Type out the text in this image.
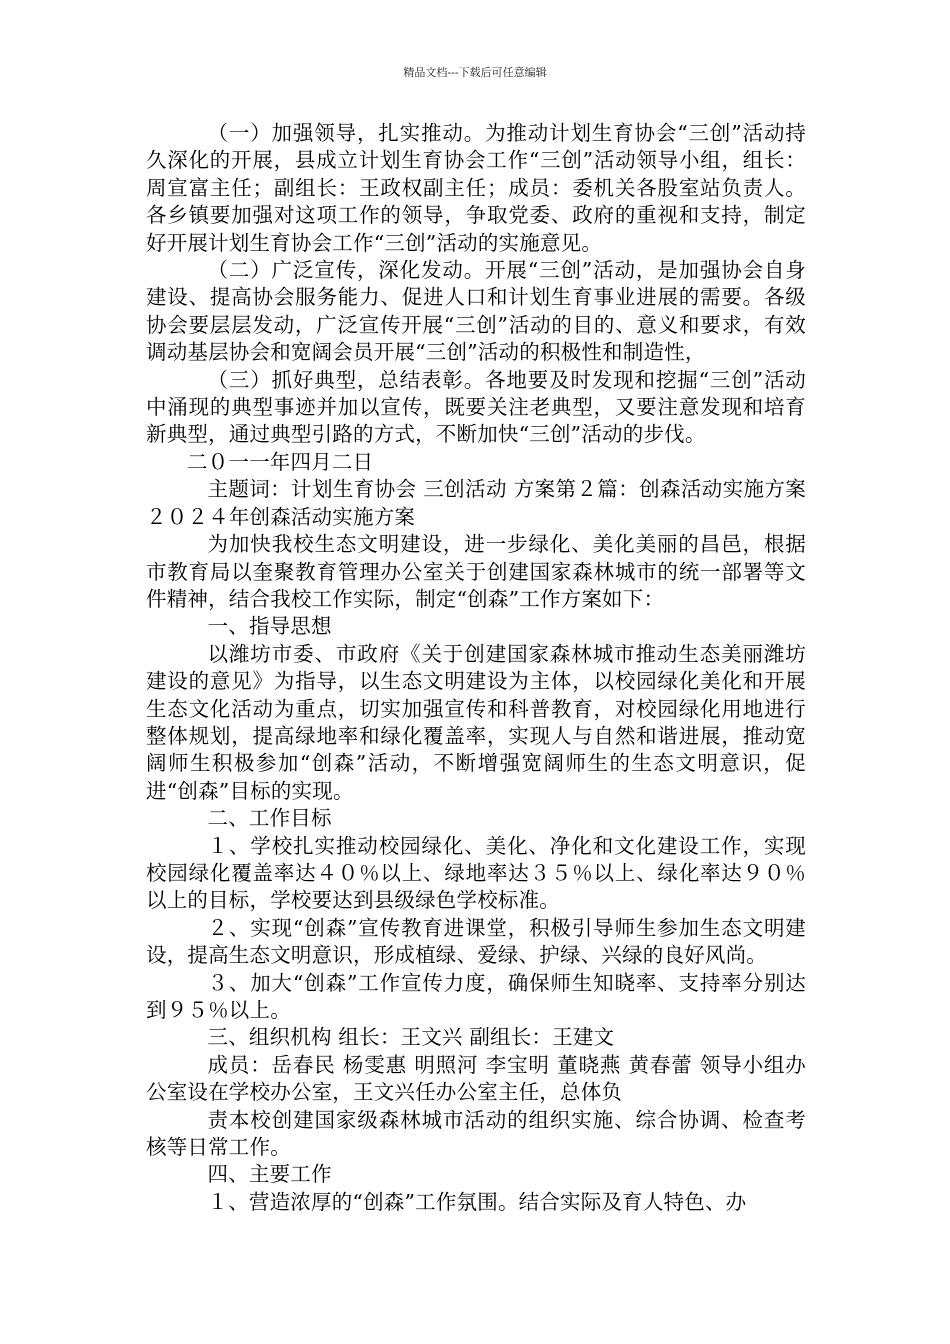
精品文档---下载后可任意编辑

（一）加强领导，扎实推动。为推动计划生育协会“三创”活动持久深化的开展，县成立计划生育协会工作“三创”活动领导小组，组长：周宣富主任；副组长：王政权副主任；成员：委机关各股室站负责人。各乡镇要加强对这项工作的领导，争取党委、政府的重视和支持，制定好开展计划生育协会工作“三创”活动的实施意见。

（二）广泛宣传，深化发动。开展“三创”活动，是加强协会自身建设、提高协会服务能力、促进人口和计划生育事业进展的需要。各级协会要层层发动，广泛宣传开展“三创”活动的目的、意义和要求，有效调动基层协会和宽阔会员开展“三创”活动的积极性和制造性，

（三）抓好典型，总结表彰。各地要及时发现和挖掘“三创”活动中涌现的典型事迹并加以宣传，既要关注老典型，又要注意发现和培育新典型，通过典型引路的方式，不断加快“三创”活动的步伐。

二０一一年四月二日

主题词：计划生育协会 三创活动 方案第２篇：创森活动实施方案２０２４年创森活动实施方案

为加快我校生态文明建设，进一步绿化、美化美丽的昌邑，根据市教育局以奎聚教育管理办公室关于创建国家森林城市的统一部署等文件精神，结合我校工作实际，制定“创森”工作方案如下：

一、指导思想

以潍坊市委、市政府《关于创建国家森林城市推动生态美丽潍坊建设的意见》为指导，以生态文明建设为主体，以校园绿化美化和开展生态文化活动为重点，切实加强宣传和科普教育，对校园绿化用地进行整体规划，提高绿地率和绿化覆盖率，实现人与自然和谐进展，推动宽阔师生积极参加“创森”活动，不断增强宽阔师生的生态文明意识，促进“创森”目标的实现。

二、工作目标

１、学校扎实推动校园绿化、美化、净化和文化建设工作，实现校园绿化覆盖率达４０％以上、绿地率达３５％以上、绿化率达９０％以上的目标，学校要达到县级绿色学校标准。

２、实现“创森”宣传教育进课堂，积极引导师生参加生态文明建设，提高生态文明意识，形成植绿、爱绿、护绿、兴绿的良好风尚。

３、加大“创森”工作宣传力度，确保师生知晓率、支持率分别达到９５％以上。

三、组织机构 组长：王文兴 副组长：王建文

成员：岳春民 杨雯惠 明照河 李宝明 董晓燕 黄春蕾 领导小组办公室设在学校办公室，王文兴任办公室主任，总体负

责本校创建国家级森林城市活动的组织实施、综合协调、检查考核等日常工作。

四、主要工作

１、营造浓厚的“创森”工作氛围。结合实际及育人特色、办
